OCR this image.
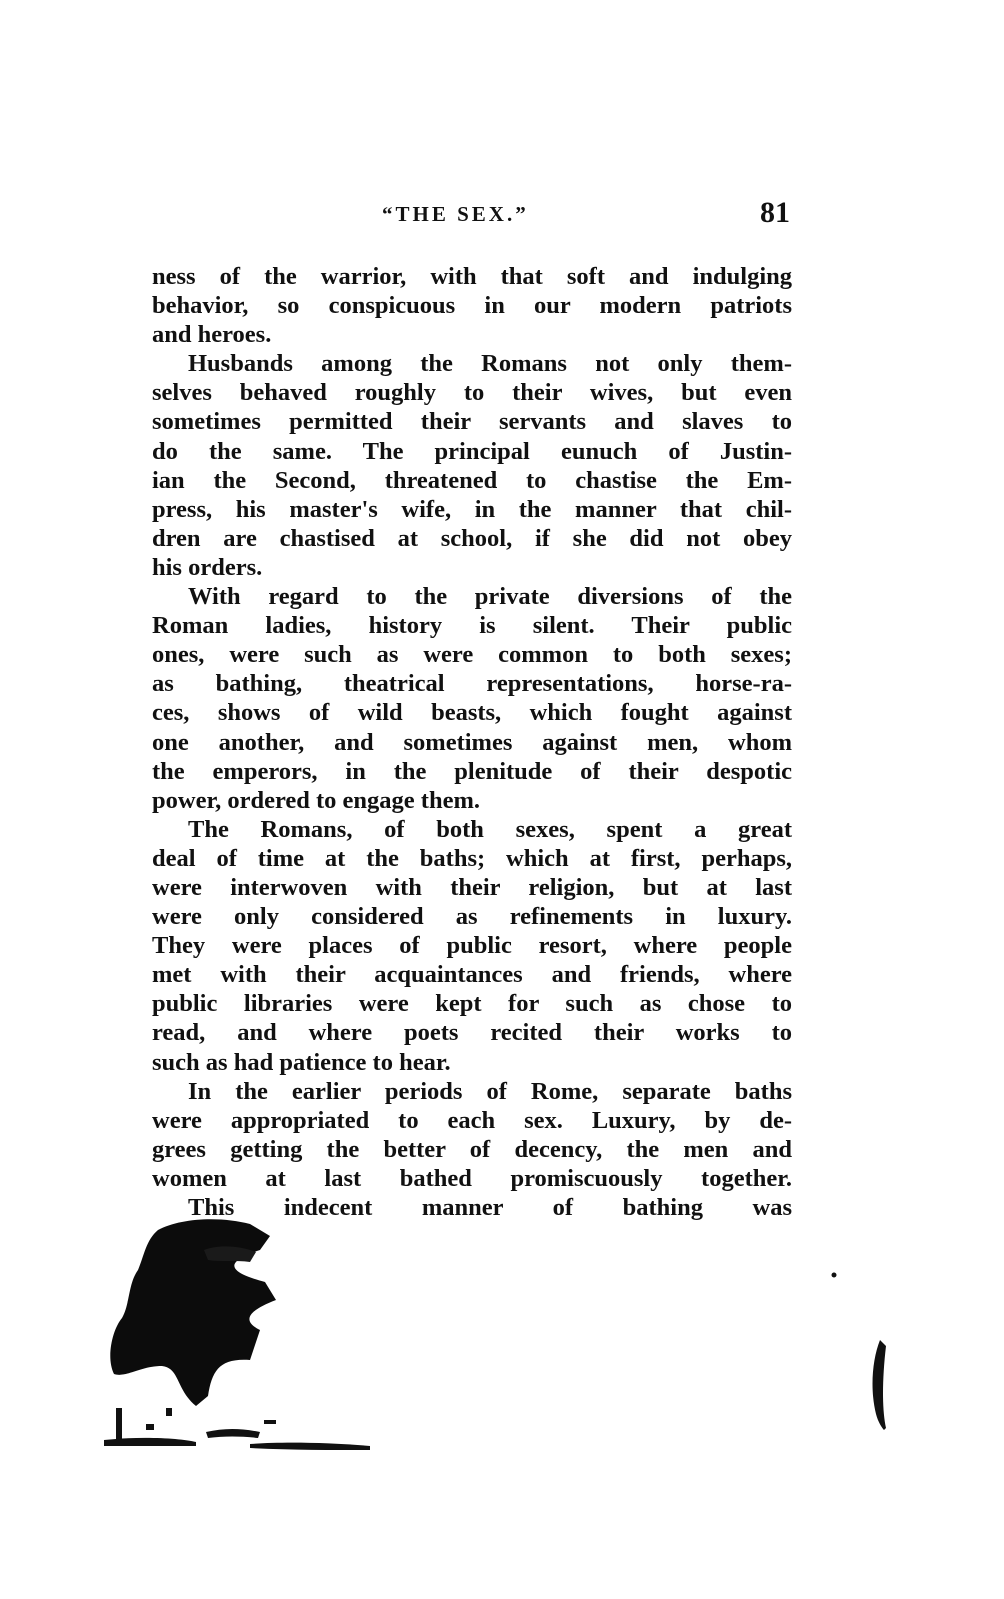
“THE SEX.”	81
ness of the warrior, with that soft and indulging
behavior, so conspicuous in our modern patriots
and heroes.
Husbands among the Romans not only them-
selves behaved roughly to their wives, but even
sometimes permitted their servants and slaves to
do the same. The principal eunuch of Justin-
ian the Second, threatened to chastise the Em-
press, his master's wife, in the manner that chil-
dren are chastised at school, if she did not obey
his orders.
With regard to the private diversions of the
Roman ladies, history is silent. Their public
ones, were such as were common to both sexes;
as bathing, theatrical representations, horse-ra-
ces, shows of wild beasts, which fought against
one another, and sometimes against men, whom
the emperors, in the plenitude of their despotic
power, ordered to engage them.
The Romans, of both sexes, spent a great
deal of time at the baths; which at first, perhaps,
were interwoven with their religion, but at last
were only considered as refinements in luxury.
They were places of public resort, where people
met with their acquaintances and friends, where
public libraries were kept for such as chose to
read, and where poets recited their works to
such as had patience to hear.
In the earlier periods of Rome, separate baths
were appropriated to each sex. Luxury, by de-
grees getting the better of decency, the men and
women at last bathed promiscuously together.
This indecent manner of bathing was
